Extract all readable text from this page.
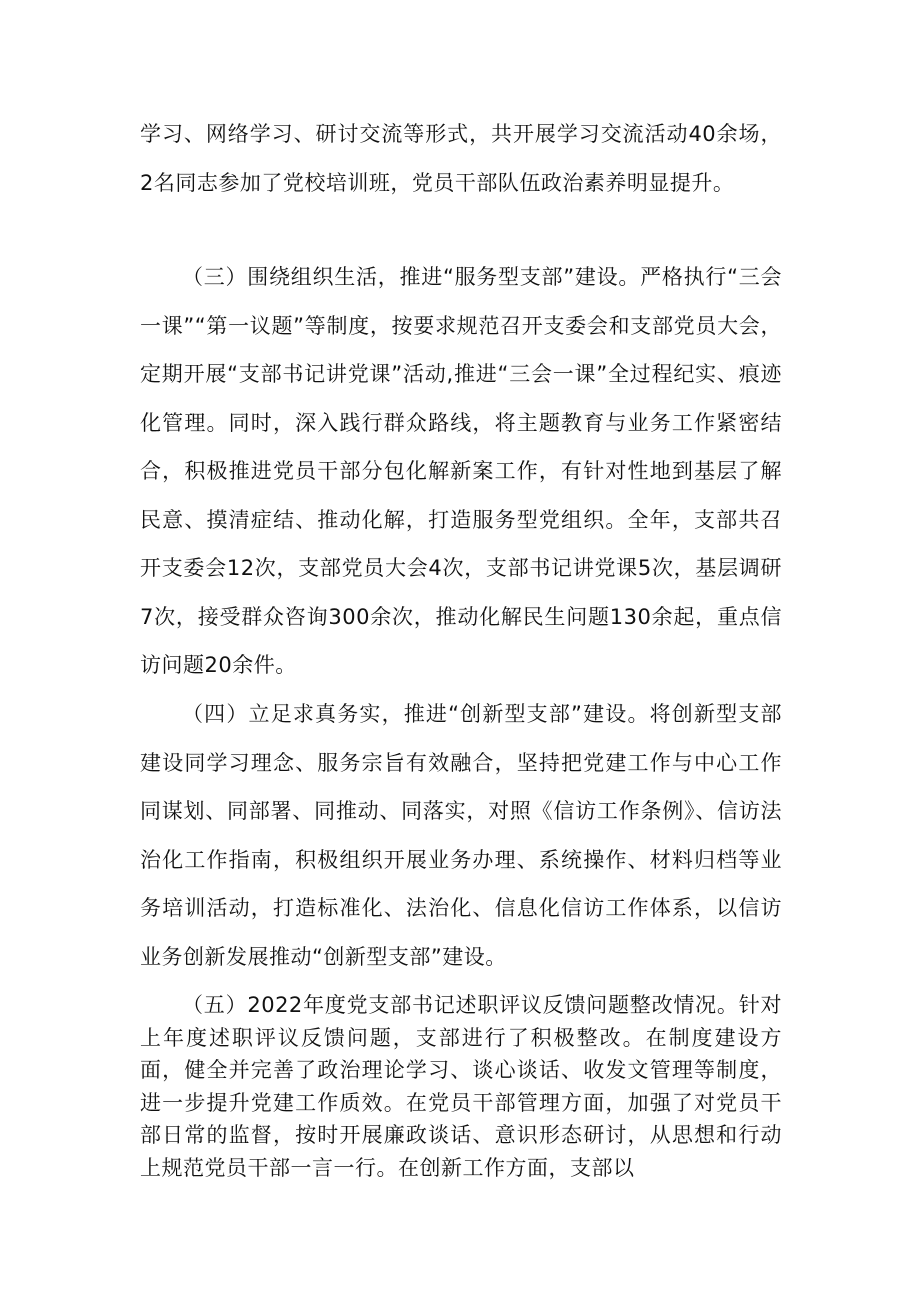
学习、网络学习、研讨交流等形式，共开展学习交流活动40余场，2名同志参加了党校培训班，党员干部队伍政治素养明显提升。

（三）围绕组织生活，推进“服务型支部”建设。严格执行“三会一课”“第一议题”等制度，按要求规范召开支委会和支部党员大会，定期开展“支部书记讲党课”活动,推进“三会一课”全过程纪实、痕迹化管理。同时，深入践行群众路线，将主题教育与业务工作紧密结合，积极推进党员干部分包化解新案工作，有针对性地到基层了解民意、摸清症结、推动化解，打造服务型党组织。全年，支部共召开支委会12次，支部党员大会4次，支部书记讲党课5次，基层调研7次，接受群众咨询300余次，推动化解民生问题130余起，重点信访问题20余件。

（四）立足求真务实，推进“创新型支部”建设。将创新型支部建设同学习理念、服务宗旨有效融合，坚持把党建工作与中心工作同谋划、同部署、同推动、同落实，对照《信访工作条例》、信访法治化工作指南，积极组织开展业务办理、系统操作、材料归档等业务培训活动，打造标准化、法治化、信息化信访工作体系，以信访业务创新发展推动“创新型支部”建设。

（五）2022年度党支部书记述职评议反馈问题整改情况。针对上年度述职评议反馈问题，支部进行了积极整改。在制度建设方面，健全并完善了政治理论学习、谈心谈话、收发文管理等制度，进一步提升党建工作质效。在党员干部管理方面，加强了对党员干部日常的监督，按时开展廉政谈话、意识形态研讨，从思想和行动上规范党员干部一言一行。在创新工作方面，支部以
